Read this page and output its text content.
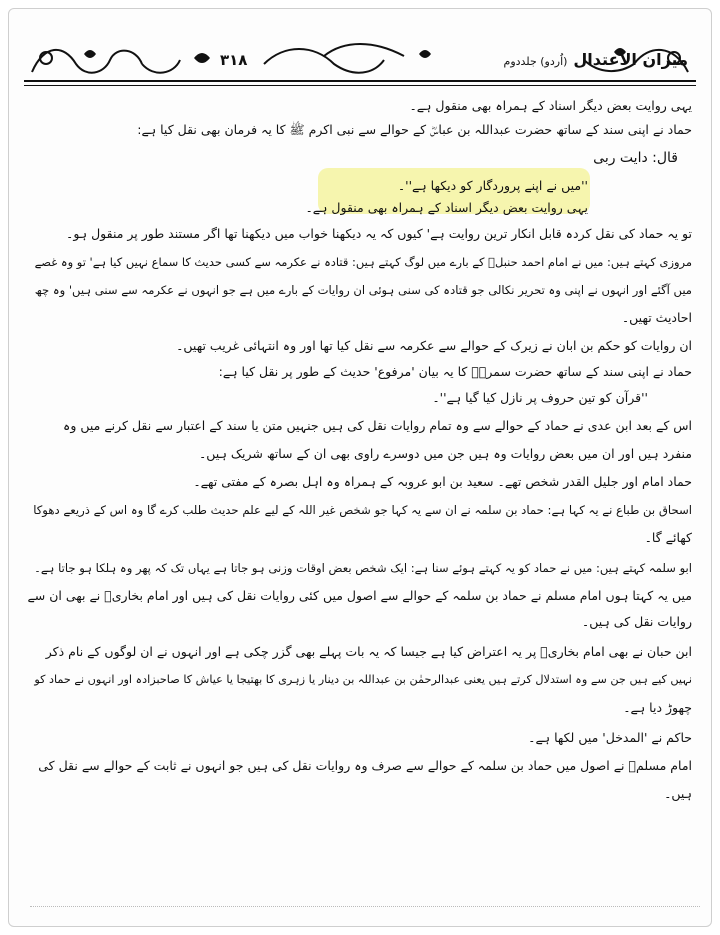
میزان الاعتدال(اُردو) جلددوم
۳۱۸
یہی روایت بعض دیگر اسناد کے ہمراہ بھی منقول ہے۔
حماد نے اپنی سند کے ساتھ حضرت عبداللہ بن عباسؓ کے حوالے سے نبی اکرم ﷺ کا یہ فرمان بھی نقل کیا ہے:
قال: دایت ربی
''میں نے اپنے پروردگار کو دیکھا ہے''۔
یہی روایت بعض دیگر اسناد کے ہمراہ بھی منقول ہے۔
تو یہ حماد کی نقل کردہ قابل انکار ترین روایت ہے' کیوں کہ یہ دیکھنا خواب میں دیکھنا تھا اگر مستند طور پر منقول ہو۔
مروزی کہتے ہیں: میں نے امام احمد حنبلؒ کے بارے میں لوگ کہتے ہیں: قتادہ نے عکرمہ سے کسی حدیث کا سماع نہیں کیا ہے' تو وہ غصے
میں آگئے اور انہوں نے اپنی وہ تحریر نکالی جو قتادہ کی سنی ہوئی ان روایات کے بارے میں ہے جو انہوں نے عکرمہ سے سنی ہیں' وہ چھ
احادیث تھیں۔
ان روایات کو حکم بن ابان نے زیرک کے حوالے سے عکرمہ سے نقل کیا تھا اور وہ انتہائی غریب تھیں۔
حماد نے اپنی سند کے ساتھ حضرت سمرہؓ کا یہ بیان 'مرفوع' حدیث کے طور پر نقل کیا ہے:
''قرآن کو تین حروف پر نازل کیا گیا ہے''۔
اس کے بعد ابن عدی نے حماد کے حوالے سے وہ تمام روایات نقل کی ہیں جنہیں متن یا سند کے اعتبار سے نقل کرنے میں وہ
منفرد ہیں اور ان میں بعض روایات وہ ہیں جن میں دوسرے راوی بھی ان کے ساتھ شریک ہیں۔
حماد امام اور جلیل القدر شخص تھے۔ سعید بن ابو عروبہ کے ہمراہ وہ اہل بصرہ کے مفتی تھے۔
اسحاق بن طباع نے یہ کہا ہے: حماد بن سلمہ نے ان سے یہ کہا جو شخص غیر اللہ کے لیے علم حدیث طلب کرے گا وہ اس کے ذریعے دھوکا
کھائے گا۔
ابو سلمہ کہتے ہیں: میں نے حماد کو یہ کہتے ہوئے سنا ہے: ایک شخص بعض اوقات وزنی ہو جاتا ہے یہاں تک کہ پھر وہ ہلکا ہو جاتا ہے۔
میں یہ کہتا ہوں امام مسلم نے حماد بن سلمہ کے حوالے سے اصول میں کئی روایات نقل کی ہیں اور امام بخاریؒ نے بھی ان سے
روایات نقل کی ہیں۔
ابن حبان نے بھی امام بخاریؒ پر یہ اعتراض کیا ہے جیسا کہ یہ بات پہلے بھی گزر چکی ہے اور انہوں نے ان لوگوں کے نام ذکر
نہیں کیے ہیں جن سے وہ استدلال کرتے ہیں یعنی عبدالرحمٰن بن عبداللہ بن دینار یا زہری کا بھتیجا یا عیاش کا صاحبزادہ اور انہوں نے حماد کو
چھوڑ دیا ہے۔
حاکم نے 'المدخل' میں لکھا ہے۔
امام مسلمؒ نے اصول میں حماد بن سلمہ کے حوالے سے صرف وہ روایات نقل کی ہیں جو انہوں نے ثابت کے حوالے سے نقل کی
ہیں۔
